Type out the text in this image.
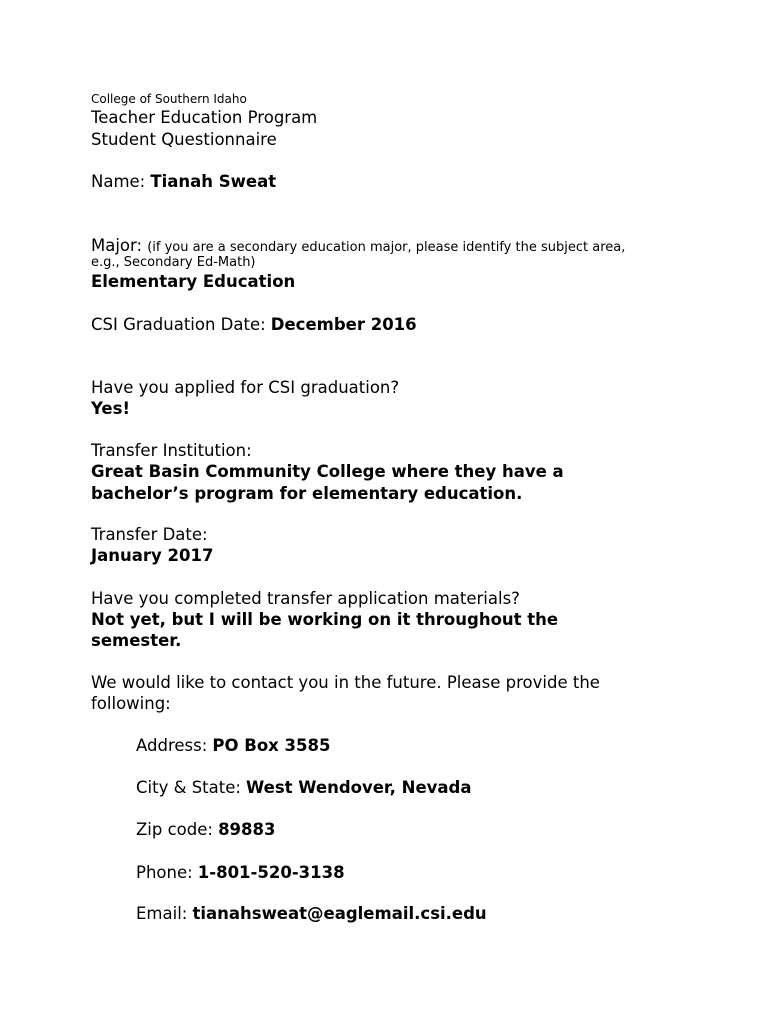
College of Southern Idaho
Teacher Education Program
Student Questionnaire
Name: Tianah Sweat
Major: (if you are a secondary education major, please identify the subject area,
e.g., Secondary Ed-Math)
Elementary Education
CSI Graduation Date: December 2016
Have you applied for CSI graduation?
Yes!
Transfer Institution:
Great Basin Community College where they have a
bachelor’s program for elementary education.
Transfer Date:
January 2017
Have you completed transfer application materials?
Not yet, but I will be working on it throughout the
semester.
We would like to contact you in the future. Please provide the
following:
Address: PO Box 3585
City & State: West Wendover, Nevada
Zip code: 89883
Phone: 1-801-520-3138
Email: tianahsweat@eaglemail.csi.edu
